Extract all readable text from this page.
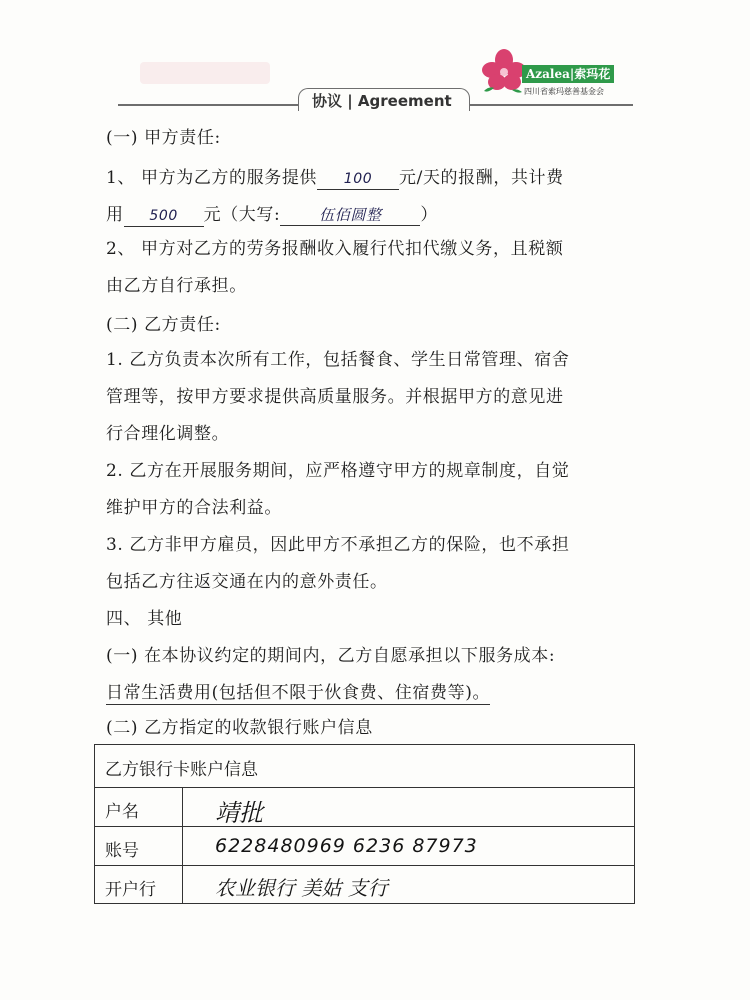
协议 | Agreement
Azalea|索玛花
四川省索玛慈善基金会
(一) 甲方责任:
1、 甲方为乙方的服务提供 100 元/天的报酬，共计费
用 500 元（大写:	伍佰圆整 ）
2、 甲方对乙方的劳务报酬收入履行代扣代缴义务，且税额
由乙方自行承担。
(二) 乙方责任:
1. 乙方负责本次所有工作，包括餐食、学生日常管理、宿舍
管理等，按甲方要求提供高质量服务。并根据甲方的意见进
行合理化调整。
2. 乙方在开展服务期间，应严格遵守甲方的规章制度，自觉
维护甲方的合法利益。
3. 乙方非甲方雇员，因此甲方不承担乙方的保险，也不承担
包括乙方往返交通在内的意外责任。
四、 其他
(一) 在本协议约定的期间内，乙方自愿承担以下服务成本:
日常生活费用(包括但不限于伙食费、住宿费等)。
(二) 乙方指定的收款银行账户信息
乙方银行卡账户信息
户名	靖批
账号	6228480969 6236 87973
开户行	农业银行 美姑 支行
